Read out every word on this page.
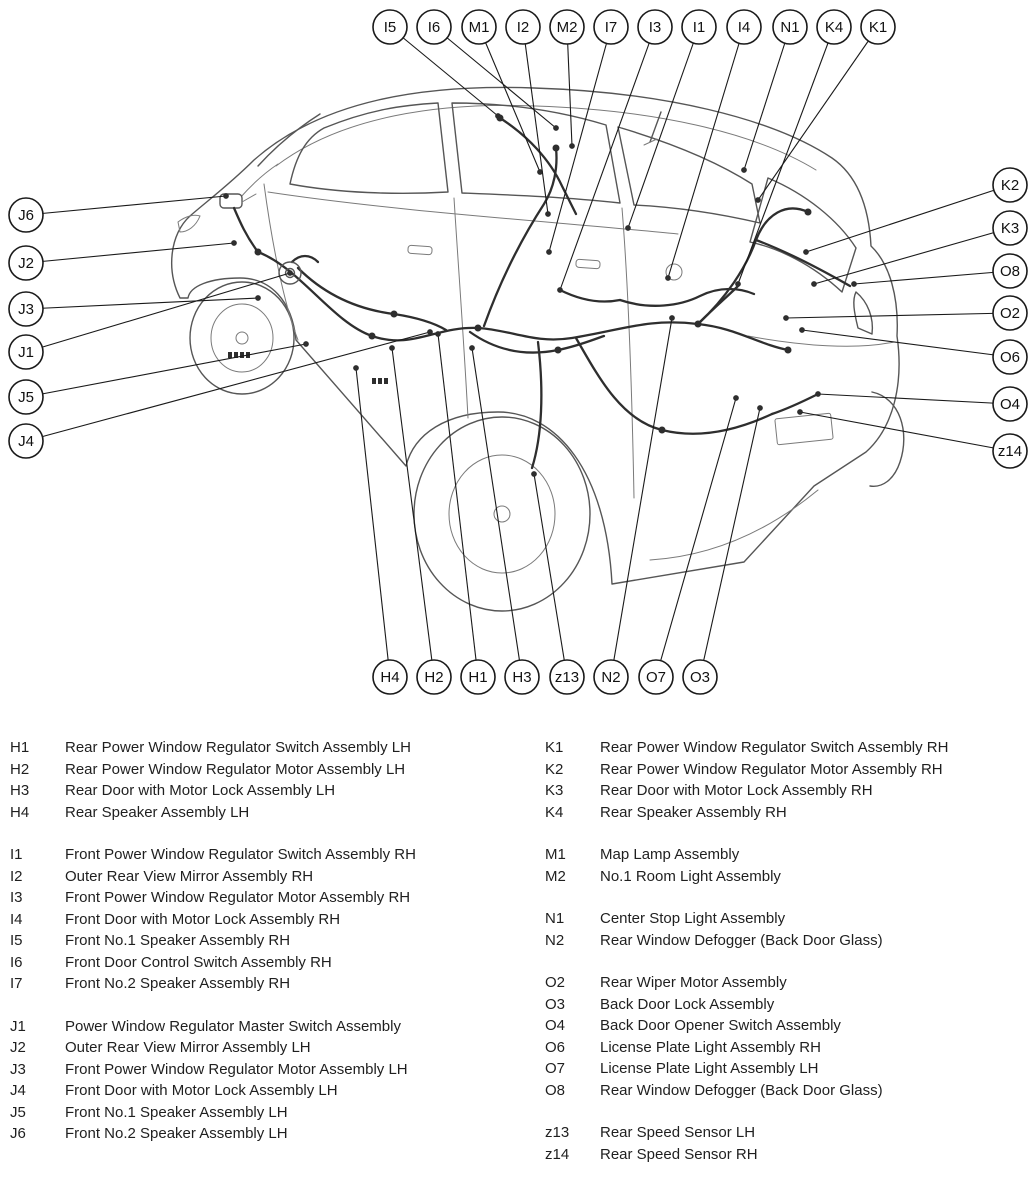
I5 I6 M1 I2 M2 I7 I3 I1 I4 N1 K4 K1
J6
J2
J3
J1
J5
J4
H4 H2 H1 H3 z13 N2 O7 O3
K2
K3
O8
O2
O6
O4
z14
H1	Rear Power Window Regulator Switch Assembly LH
H2	Rear Power Window Regulator Motor Assembly LH
H3	Rear Door with Motor Lock Assembly LH
H4	Rear Speaker Assembly LH
I1	Front Power Window Regulator Switch Assembly RH
I2	Outer Rear View Mirror Assembly RH
I3	Front Power Window Regulator Motor Assembly RH
I4	Front Door with Motor Lock Assembly RH
I5	Front No.1 Speaker Assembly RH
I6	Front Door Control Switch Assembly RH
I7	Front No.2 Speaker Assembly RH
J1	Power Window Regulator Master Switch Assembly
J2	Outer Rear View Mirror Assembly LH
J3	Front Power Window Regulator Motor Assembly LH
J4	Front Door with Motor Lock Assembly LH
J5	Front No.1 Speaker Assembly LH
J6	Front No.2 Speaker Assembly LH
K1	Rear Power Window Regulator Switch Assembly RH
K2	Rear Power Window Regulator Motor Assembly RH
K3	Rear Door with Motor Lock Assembly RH
K4	Rear Speaker Assembly RH
M1	Map Lamp Assembly
M2	No.1 Room Light Assembly
N1	Center Stop Light Assembly
N2	Rear Window Defogger (Back Door Glass)
O2	Rear Wiper Motor Assembly
O3	Back Door Lock Assembly
O4	Back Door Opener Switch Assembly
O6	License Plate Light Assembly RH
O7	License Plate Light Assembly LH
O8	Rear Window Defogger (Back Door Glass)
z13	Rear Speed Sensor LH
z14	Rear Speed Sensor RH
